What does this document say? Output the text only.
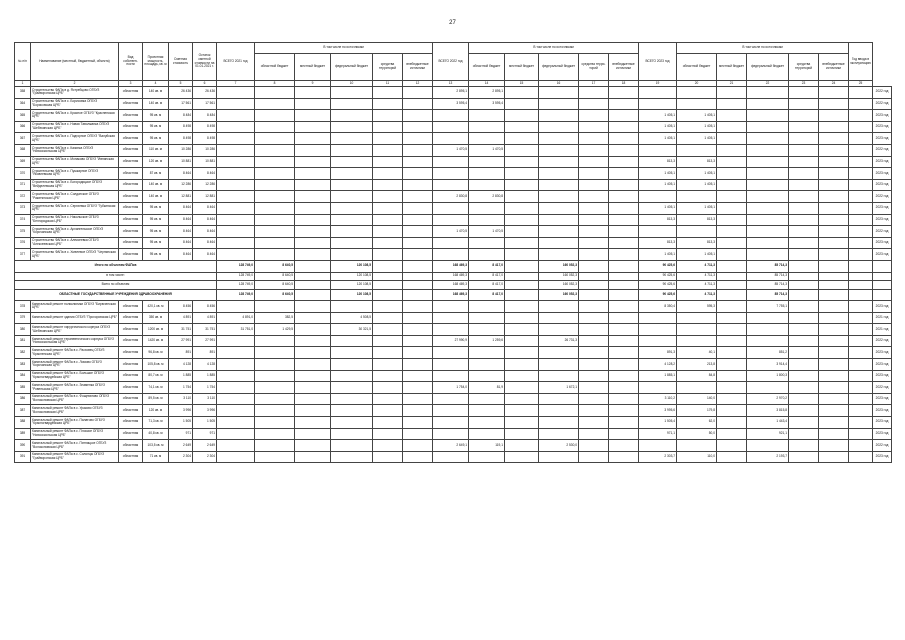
27
№ п/п	Наименование (местный, бюджетный, объекта)	Вид собствен-ности	Проектная мощность, площадь, кв. м	Сметная стоимость	Остаток сметной стоимости на 01.01.2021 г.	ВСЕГО 2021 год	В том числе по источникам					ВСЕГО 2022 год	В том числе по источникам					ВСЕГО 2023 год	В том числе по источникам					Год ввода в эксплуатацию	
							областной бюджет	местный бюджет	федеральный бюджет	средства территорий	внебюджетные источники		областной бюджет	местный бюджет	федеральный бюджет	средства терри-торий	внебюджетные источники		областной бюджет	местный бюджет	федеральный бюджет	средства территорий	внебюджетные источники		
1	2	3	4	5	6	7	8	9	10	11	12	13	14	15	16	17	18	19	20	21	22	23	24	25	
358	Строительство ФАПа в д. Ястребцово ОГБУЗ "Грайворонская ЦРБ"	областная	140 кв. м	26 436	26 436							2 895,1	2 895,1												2022 год
364	Строительство ФАПа в с. Борисовка ОГБУЗ "Борисовская ЦРБ"	областная	140 кв. м	17 561	17 561							3 595,4	3 595,4												2022 год
365	Строительство ФАПа в с. Красное ОГБУЗ "Красненская ЦРБ"	областная	95 кв. м	8 484	8 484													1 405,1	1 405,1						2023 год
366	Строительство ФАПа в с. Новая Таволжанка ОГБУЗ "Шебекинская ЦРБ"	областная	95 кв. м	8 498	8 498													1 405,1	1 405,1						2023 год
367	Строительство ФАПа в с. Подгорное ОГБУЗ "Валуйская ЦРБ"	областная	95 кв. м	8 498	8 498													1 405,1	1 405,1						2023 год
368	Строительство ФАПа в с. Казинка ОГБУЗ "Новооскольская ЦРБ"	областная	110 кв. м	10 286	10 286							1 470,5	1 470,5												2022 год
369	Строительство ФАПа в с. Монаково ОГБУЗ "Ивнянская ЦРБ"	областная	120 кв. м	10 881	10 881													813,3	813,3						2023 год
370	Строительство ФАПа в с. Пушкарное ОГБУЗ "Яковлевская ЦРБ"	областная	87 кв. м	8 464	8 464													1 405,1	1 405,1						2023 год
371	Строительство ФАПа в с. Богородицкое ОГБУЗ "Вейделевская ЦРБ"	областная	140 кв. м	12 286	12 286													1 405,1	1 405,1						2023 год
372	Строительство ФАПа в с. Солдатское ОГБУЗ "Ракитянская ЦРБ"	областная	140 кв. м	12 881	12 881							2 830,8	2 830,8												2022 год
373	Строительство ФАПа в с. Сергиевка ОГБУЗ "Губкинская ЦРБ"	областная	95 кв. м	8 464	8 464													1 405,1	1 405,1						2023 год
374	Строительство ФАПа в с. Никольское ОГБУЗ "Белгородская ЦРБ"	областная	95 кв. м	8 464	8 464													813,3	813,3						2023 год
375	Строительство ФАПа в с. Архангельское ОГБУЗ "Корочанская ЦРБ"	областная	95 кв. м	8 464	8 464							1 470,5	1 470,5												2022 год
376	Строительство ФАПа в с. Алексеевка ОГБУЗ "Алексеевская ЦРБ"	областная	95 кв. м	8 464	8 464													813,3	813,3						2023 год
377	Строительство ФАПа в с. Хмелевое ОГБУЗ "Чернянская ЦРБ"	областная	95 кв. м	8 464	8 464													1 405,1	1 405,1						2023 год
Итого по объектам ФАПов						128 749,0	8 640,5		120 108,5			168 469,3	8 417,0		160 052,3			90 425,6	4 711,3		85 714,3				
в том числе:						128 749,0	8 640,5		120 108,5			168 469,3	8 417,0		160 052,3			90 425,6	4 711,3		85 714,3				
Всего по объектам						128 749,0	8 640,5		120 108,5			168 469,3	8 417,0		160 052,3			90 425,6	4 711,3		85 714,3				
ОБЛАСТНЫЕ ГОСУДАРСТВЕННЫЕ УЧРЕЖДЕНИЯ ЗДРАВООХРАНЕНИЯ						128 749,0	8 640,5		120 108,5			168 469,3	8 417,0		160 052,3			90 425,6	4 711,3		85 714,3				
378	Капитальный ремонт поликлиники ОГБУЗ "Бирюченская ЦРБ"	областная	420,1 кв. м	8 456	8 456													8 350,4	595,3		7 755,1				2023 год
379	Капитальный ремонт здания ОГБУЗ "Прохоровская ЦРБ"	областная	350 кв. м	4 891	4 891	4 891,0	382,5		4 508,5																2021 год
380	Капитальный ремонт хирургического корпуса ОГБУЗ "Шебекинская ЦРБ"	областная	1200 кв. м	31 751	31 751	31 751,0	1 429,5		30 321,5																2021 год
381	Капитальный ремонт терапевтического корпуса ОГБУЗ "Новооскольская ЦРБ"	областная	1420 кв. м	27 991	27 991							27 990,9	1 259,6		26 731,3										2022 год
382	Капитальный ремонт ФАПа в с. Расховец ОГБУЗ "Красненская ЦРБ"	областная	96,8 кв. м	891	891													891,3	40,1		851,2				2023 год
383	Капитальный ремонт ФАПа в с. Ломово ОГБУЗ "Корочанская ЦРБ"	областная	105,8 кв. м	4 128	4 128													4 128,2	213,8		3 914,4				2023 год
384	Капитальный ремонт ФАПа в с. Большое ОГБУЗ "Красногвардейская ЦРБ"	областная	80,7 кв. м	1 885	1 885													1 885,1	84,8		1 800,3				2023 год
385	Капитальный ремонт ФАПа в с. Знаменка ОГБУЗ "Ровеньская ЦРБ"	областная	74,1 кв. м	1 754	1 754							1 754,0	81,9		1 672,1										2022 год
386	Капитальный ремонт ФАПа в с. Фощеватово ОГБУЗ "Волоконовская ЦРБ"	областная	89,5 кв. м	3 110	3 110													3 110,2	140,0		2 970,2				2023 год
387	Капитальный ремонт ФАПа в с. Ураково ОГБУЗ "Волоконовская ЦРБ"	областная	120 кв. м	3 996	3 996													3 995,6	179,8		3 815,8				2023 год
388	Капитальный ремонт ФАПа в с. Палатово ОГБУЗ "Красногвардейская ЦРБ"	областная	71,3 кв. м	1 505	1 505													1 505,4	62,0		1 443,4				2023 год
389	Капитальный ремонт ФАПа в с. Плоское ОГБУЗ "Новооскольская ЦРБ"	областная	40,8 кв. м	971	971													971,1	50,0		921,1				2023 год
390	Капитальный ремонт ФАПа в с. Пятницкое ОГБУЗ "Волоконовская ЦРБ"	областная	103,5 кв. м	2 649	2 649							2 649,1	119,1		2 530,0										2022 год
391	Капитальный ремонт ФАПа в с. Солонцы ОГБУЗ "Грайворонская ЦРБ"	областная	71 кв. м	2 304	2 304													2 303,7	110,0		2 193,7				2023 год
